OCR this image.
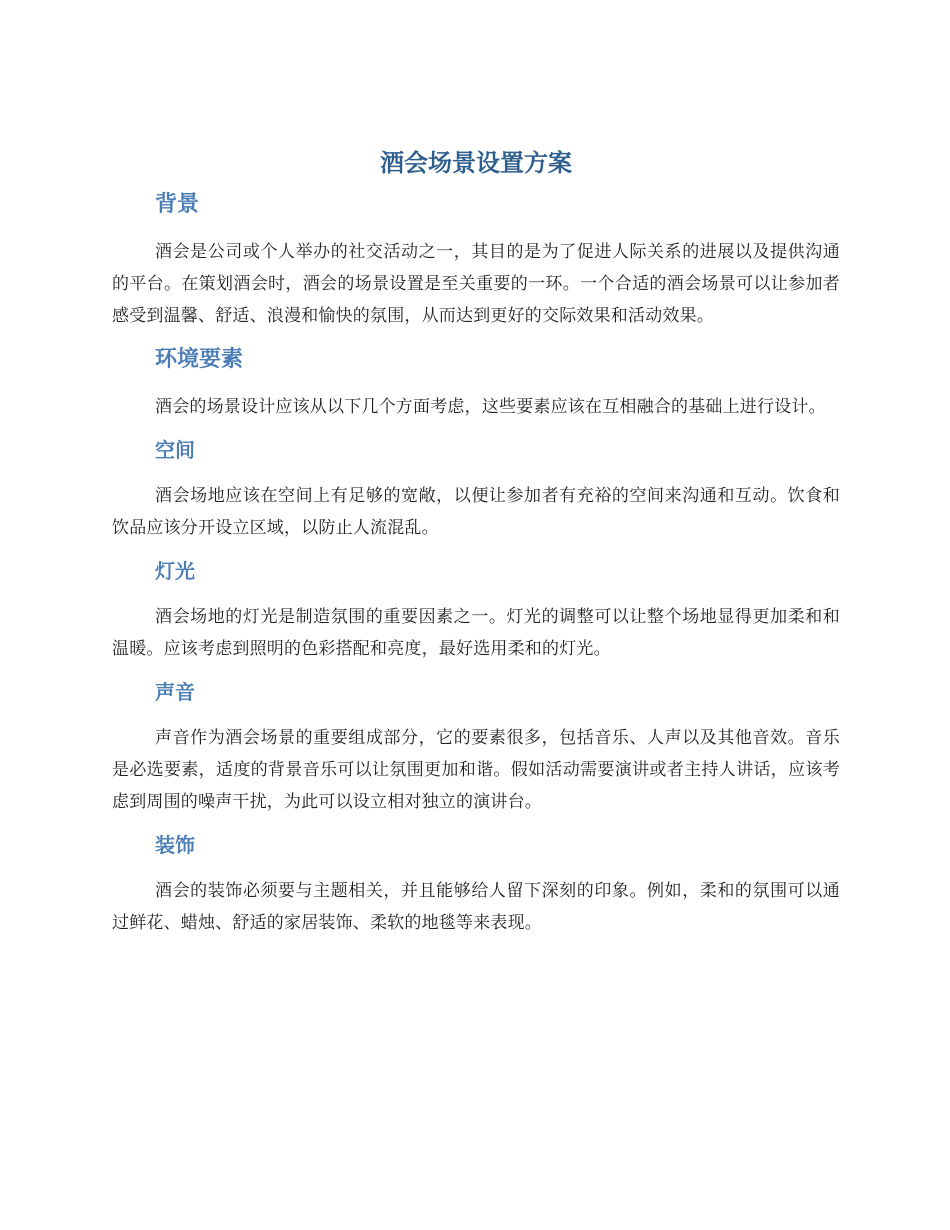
酒会场景设置方案
背景

酒会是公司或个人举办的社交活动之一，其目的是为了促进人际关系的进展以及提供沟通的平台。在策划酒会时，酒会的场景设置是至关重要的一环。一个合适的酒会场景可以让参加者感受到温馨、舒适、浪漫和愉快的氛围，从而达到更好的交际效果和活动效果。

环境要素

酒会的场景设计应该从以下几个方面考虑，这些要素应该在互相融合的基础上进行设计。

空间

酒会场地应该在空间上有足够的宽敞，以便让参加者有充裕的空间来沟通和互动。饮食和饮品应该分开设立区域，以防止人流混乱。

灯光

酒会场地的灯光是制造氛围的重要因素之一。灯光的调整可以让整个场地显得更加柔和和温暖。应该考虑到照明的色彩搭配和亮度，最好选用柔和的灯光。

声音

声音作为酒会场景的重要组成部分，它的要素很多，包括音乐、人声以及其他音效。音乐是必选要素，适度的背景音乐可以让氛围更加和谐。假如活动需要演讲或者主持人讲话，应该考虑到周围的噪声干扰，为此可以设立相对独立的演讲台。

装饰

酒会的装饰必须要与主题相关，并且能够给人留下深刻的印象。例如，柔和的氛围可以通过鲜花、蜡烛、舒适的家居装饰、柔软的地毯等来表现。
